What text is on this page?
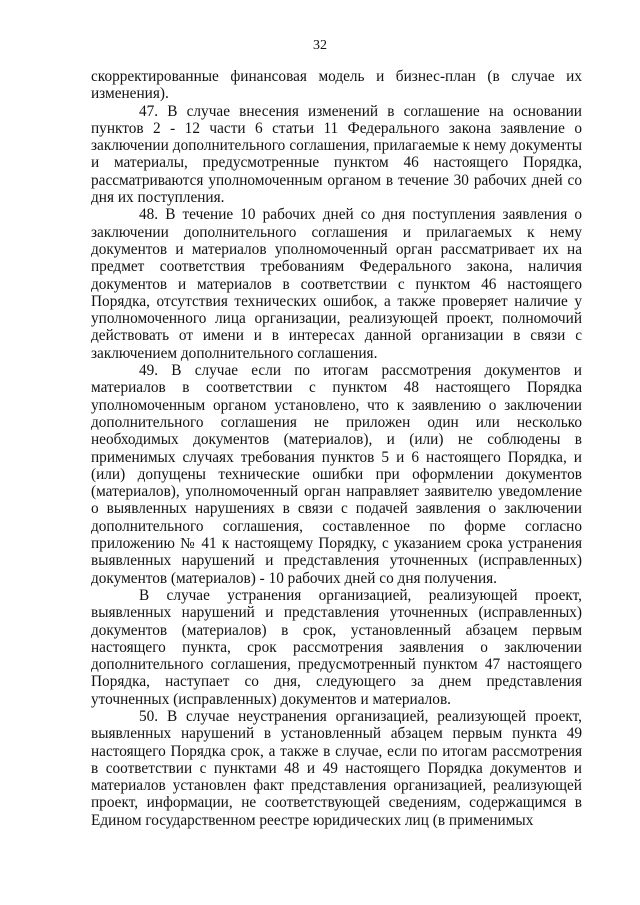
32

скорректированные финансовая модель и бизнес-план (в случае их изменения).

47. В случае внесения изменений в соглашение на основании пунктов 2 - 12 части 6 статьи 11 Федерального закона заявление о заключении дополнительного соглашения, прилагаемые к нему документы и материалы, предусмотренные пунктом 46 настоящего Порядка, рассматриваются уполномоченным органом в течение 30 рабочих дней со дня их поступления.

48. В течение 10 рабочих дней со дня поступления заявления о заключении дополнительного соглашения и прилагаемых к нему документов и материалов уполномоченный орган рассматривает их на предмет соответствия требованиям Федерального закона, наличия документов и материалов в соответствии с пунктом 46 настоящего Порядка, отсутствия технических ошибок, а также проверяет наличие у уполномоченного лица организации, реализующей проект, полномочий действовать от имени и в интересах данной организации в связи с заключением дополнительного соглашения.

49. В случае если по итогам рассмотрения документов и материалов в соответствии с пунктом 48 настоящего Порядка уполномоченным органом установлено, что к заявлению о заключении дополнительного соглашения не приложен один или несколько необходимых документов (материалов), и (или) не соблюдены в применимых случаях требования пунктов 5 и 6 настоящего Порядка, и (или) допущены технические ошибки при оформлении документов (материалов), уполномоченный орган направляет заявителю уведомление о выявленных нарушениях в связи с подачей заявления о заключении дополнительного соглашения, составленное по форме согласно приложению № 41 к настоящему Порядку, с указанием срока устранения выявленных нарушений и представления уточненных (исправленных) документов (материалов) - 10 рабочих дней со дня получения.

В случае устранения организацией, реализующей проект, выявленных нарушений и представления уточненных (исправленных) документов (материалов) в срок, установленный абзацем первым настоящего пункта, срок рассмотрения заявления о заключении дополнительного соглашения, предусмотренный пунктом 47 настоящего Порядка, наступает со дня, следующего за днем представления уточненных (исправленных) документов и материалов.

50. В случае неустранения организацией, реализующей проект, выявленных нарушений в установленный абзацем первым пункта 49 настоящего Порядка срок, а также в случае, если по итогам рассмотрения в соответствии с пунктами 48 и 49 настоящего Порядка документов и материалов установлен факт представления организацией, реализующей проект, информации, не соответствующей сведениям, содержащимся в Едином государственном реестре юридических лиц (в применимых
